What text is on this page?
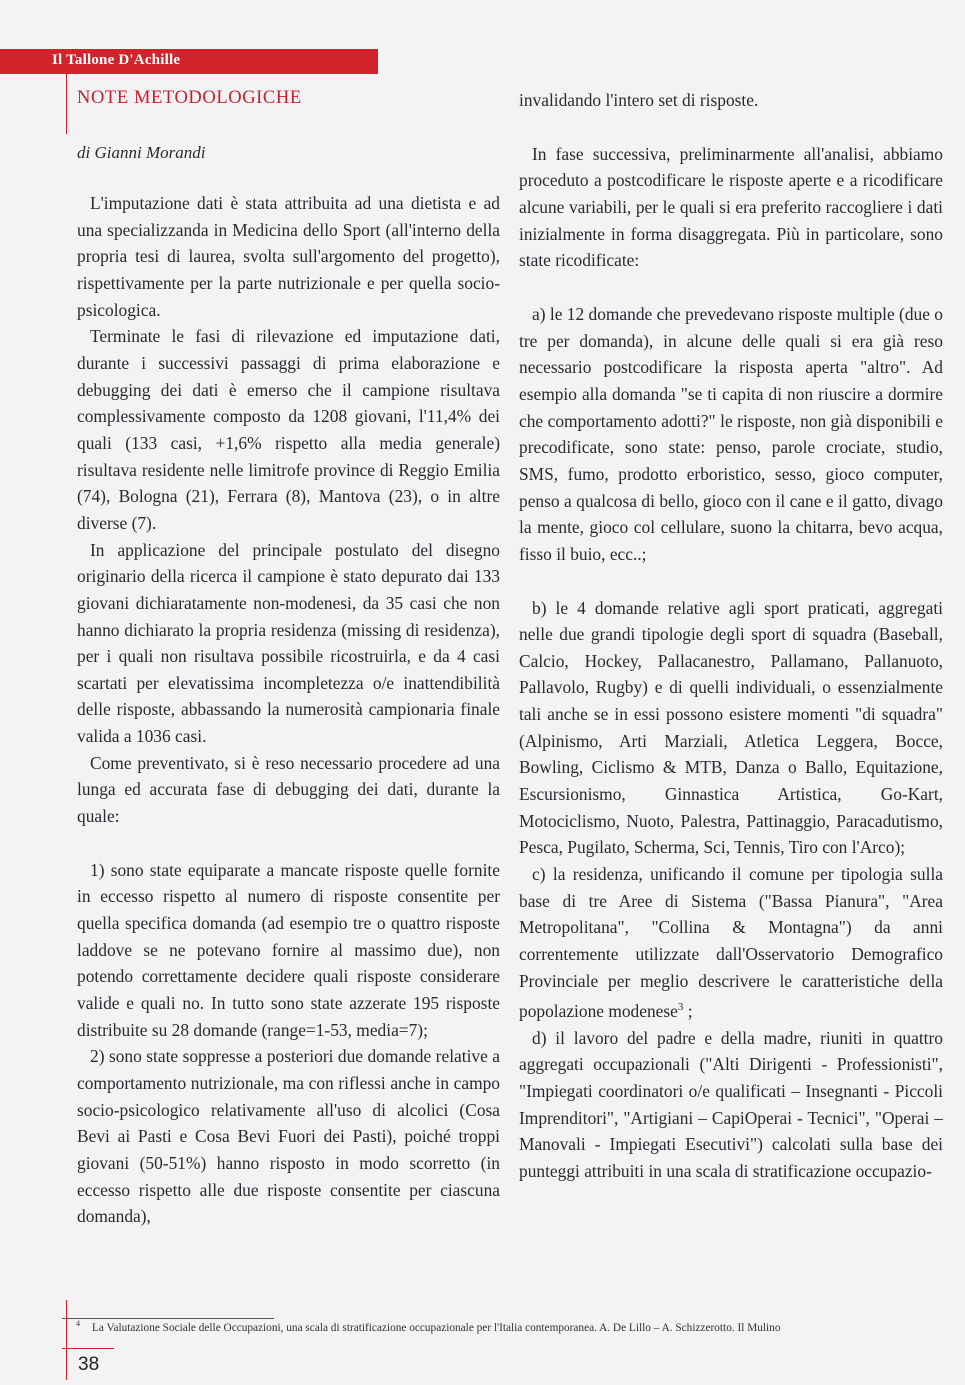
Il Tallone D'Achille
NOTE METODOLOGICHE
di Gianni Morandi

L'imputazione dati è stata attribuita ad una dietista e ad una specializzanda in Medicina dello Sport (all'interno della propria tesi di laurea, svolta sull'argomento del progetto), rispettivamente per la parte nutrizionale e per quella socio-psicologica.

Terminate le fasi di rilevazione ed imputazione dati, durante i successivi passaggi di prima elaborazione e debugging dei dati è emerso che il campione risultava complessivamente composto da 1208 giovani, l'11,4% dei quali (133 casi, +1,6% rispetto alla media generale) risultava residente nelle limitrofe province di Reggio Emilia (74), Bologna (21), Ferrara (8), Mantova (23), o in altre diverse (7).

In applicazione del principale postulato del disegno originario della ricerca il campione è stato depurato dai 133 giovani dichiaratamente non-modenesi, da 35 casi che non hanno dichiarato la propria residenza (missing di residenza), per i quali non risultava possibile ricostruirla, e da 4 casi scartati per elevatissima incompletezza o/e inattendibilità delle risposte, abbassando la numerosità campionaria finale valida a 1036 casi.

Come preventivato, si è reso necessario procedere ad una lunga ed accurata fase di debugging dei dati, durante la quale:

1) sono state equiparate a mancate risposte quelle fornite in eccesso rispetto al numero di risposte consentite per quella specifica domanda (ad esempio tre o quattro risposte laddove se ne potevano fornire al massimo due), non potendo correttamente decidere quali risposte considerare valide e quali no. In tutto sono state azzerate 195 risposte distribuite su 28 domande (range=1-53, media=7);

2) sono state soppresse a posteriori due domande relative a comportamento nutrizionale, ma con riflessi anche in campo socio-psicologico relativamente all'uso di alcolici (Cosa Bevi ai Pasti e Cosa Bevi Fuori dei Pasti), poiché troppi giovani (50-51%) hanno risposto in modo scorretto (in eccesso rispetto alle due risposte consentite per ciascuna domanda),

invalidando l'intero set di risposte.

In fase successiva, preliminarmente all'analisi, abbiamo proceduto a postcodificare le risposte aperte e a ricodificare alcune variabili, per le quali si era preferito raccogliere i dati inizialmente in forma disaggregata. Più in particolare, sono state ricodificate:

a) le 12 domande che prevedevano risposte multiple (due o tre per domanda), in alcune delle quali si era già reso necessario postcodificare la risposta aperta "altro". Ad esempio alla domanda "se ti capita di non riuscire a dormire che comportamento adotti?" le risposte, non già disponibili e precodificate, sono state: penso, parole crociate, studio, SMS, fumo, prodotto erboristico, sesso, gioco computer, penso a qualcosa di bello, gioco con il cane e il gatto, divago la mente, gioco col cellulare, suono la chitarra, bevo acqua, fisso il buio, ecc..;

b) le 4 domande relative agli sport praticati, aggregati nelle due grandi tipologie degli sport di squadra (Baseball, Calcio, Hockey, Pallacanestro, Pallamano, Pallanuoto, Pallavolo, Rugby) e di quelli individuali, o essenzialmente tali anche se in essi possono esistere momenti "di squadra" (Alpinismo, Arti Marziali, Atletica Leggera, Bocce, Bowling, Ciclismo & MTB, Danza o Ballo, Equitazione, Escursionismo, Ginnastica Artistica, Go-Kart, Motociclismo, Nuoto, Palestra, Pattinaggio, Paracadutismo, Pesca, Pugilato, Scherma, Sci, Tennis, Tiro con l'Arco);

c) la residenza, unificando il comune per tipologia sulla base di tre Aree di Sistema ("Bassa Pianura", "Area Metropolitana", "Collina & Montagna") da anni correntemente utilizzate dall'Osservatorio Demografico Provinciale per meglio descrivere le caratteristiche della popolazione modenese$^3$ ;

d) il lavoro del padre e della madre, riuniti in quattro aggregati occupazionali ("Alti Dirigenti - Professionisti", "Impiegati coordinatori o/e qualificati – Insegnanti - Piccoli Imprenditori", "Artigiani – CapiOperai - Tecnici", "Operai – Manovali - Impiegati Esecutivi") calcolati sulla base dei punteggi attribuiti in una scala di stratificazione occupazio-

4 La Valutazione Sociale delle Occupazioni, una scala di stratificazione occupazionale per l'Italia contemporanea. A. De Lillo – A. Schizzerotto. Il Mulino
38
